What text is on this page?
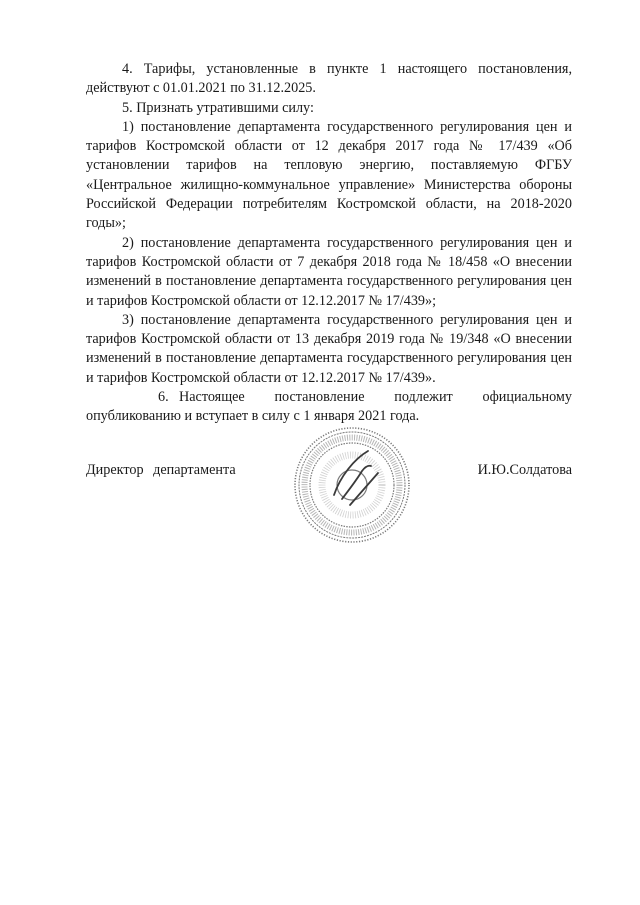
4. Тарифы, установленные в пункте 1 настоящего постановления, действуют с 01.01.2021 по 31.12.2025.

5. Признать утратившими силу:

1) постановление департамента государственного регулирования цен и тарифов Костромской области от 12 декабря 2017 года № 17/439 «Об установлении тарифов на тепловую энергию, поставляемую ФГБУ «Центральное жилищно-коммунальное управление» Министерства обороны Российской Федерации потребителям Костромской области, на 2018-2020 годы»;

2) постановление департамента государственного регулирования цен и тарифов Костромской области от 7 декабря 2018 года № 18/458 «О внесении изменений в постановление департамента государственного регулирования цен и тарифов Костромской области от 12.12.2017 № 17/439»;

3) постановление департамента государственного регулирования цен и тарифов Костромской области от 13 декабря 2019 года № 19/348 «О внесении изменений в постановление департамента государственного регулирования цен и тарифов Костромской области от 12.12.2017 № 17/439».

6. Настоящее постановление подлежит официальному опубликованию и вступает в силу с 1 января 2021 года.

Директор департамента	И.Ю.Солдатова
